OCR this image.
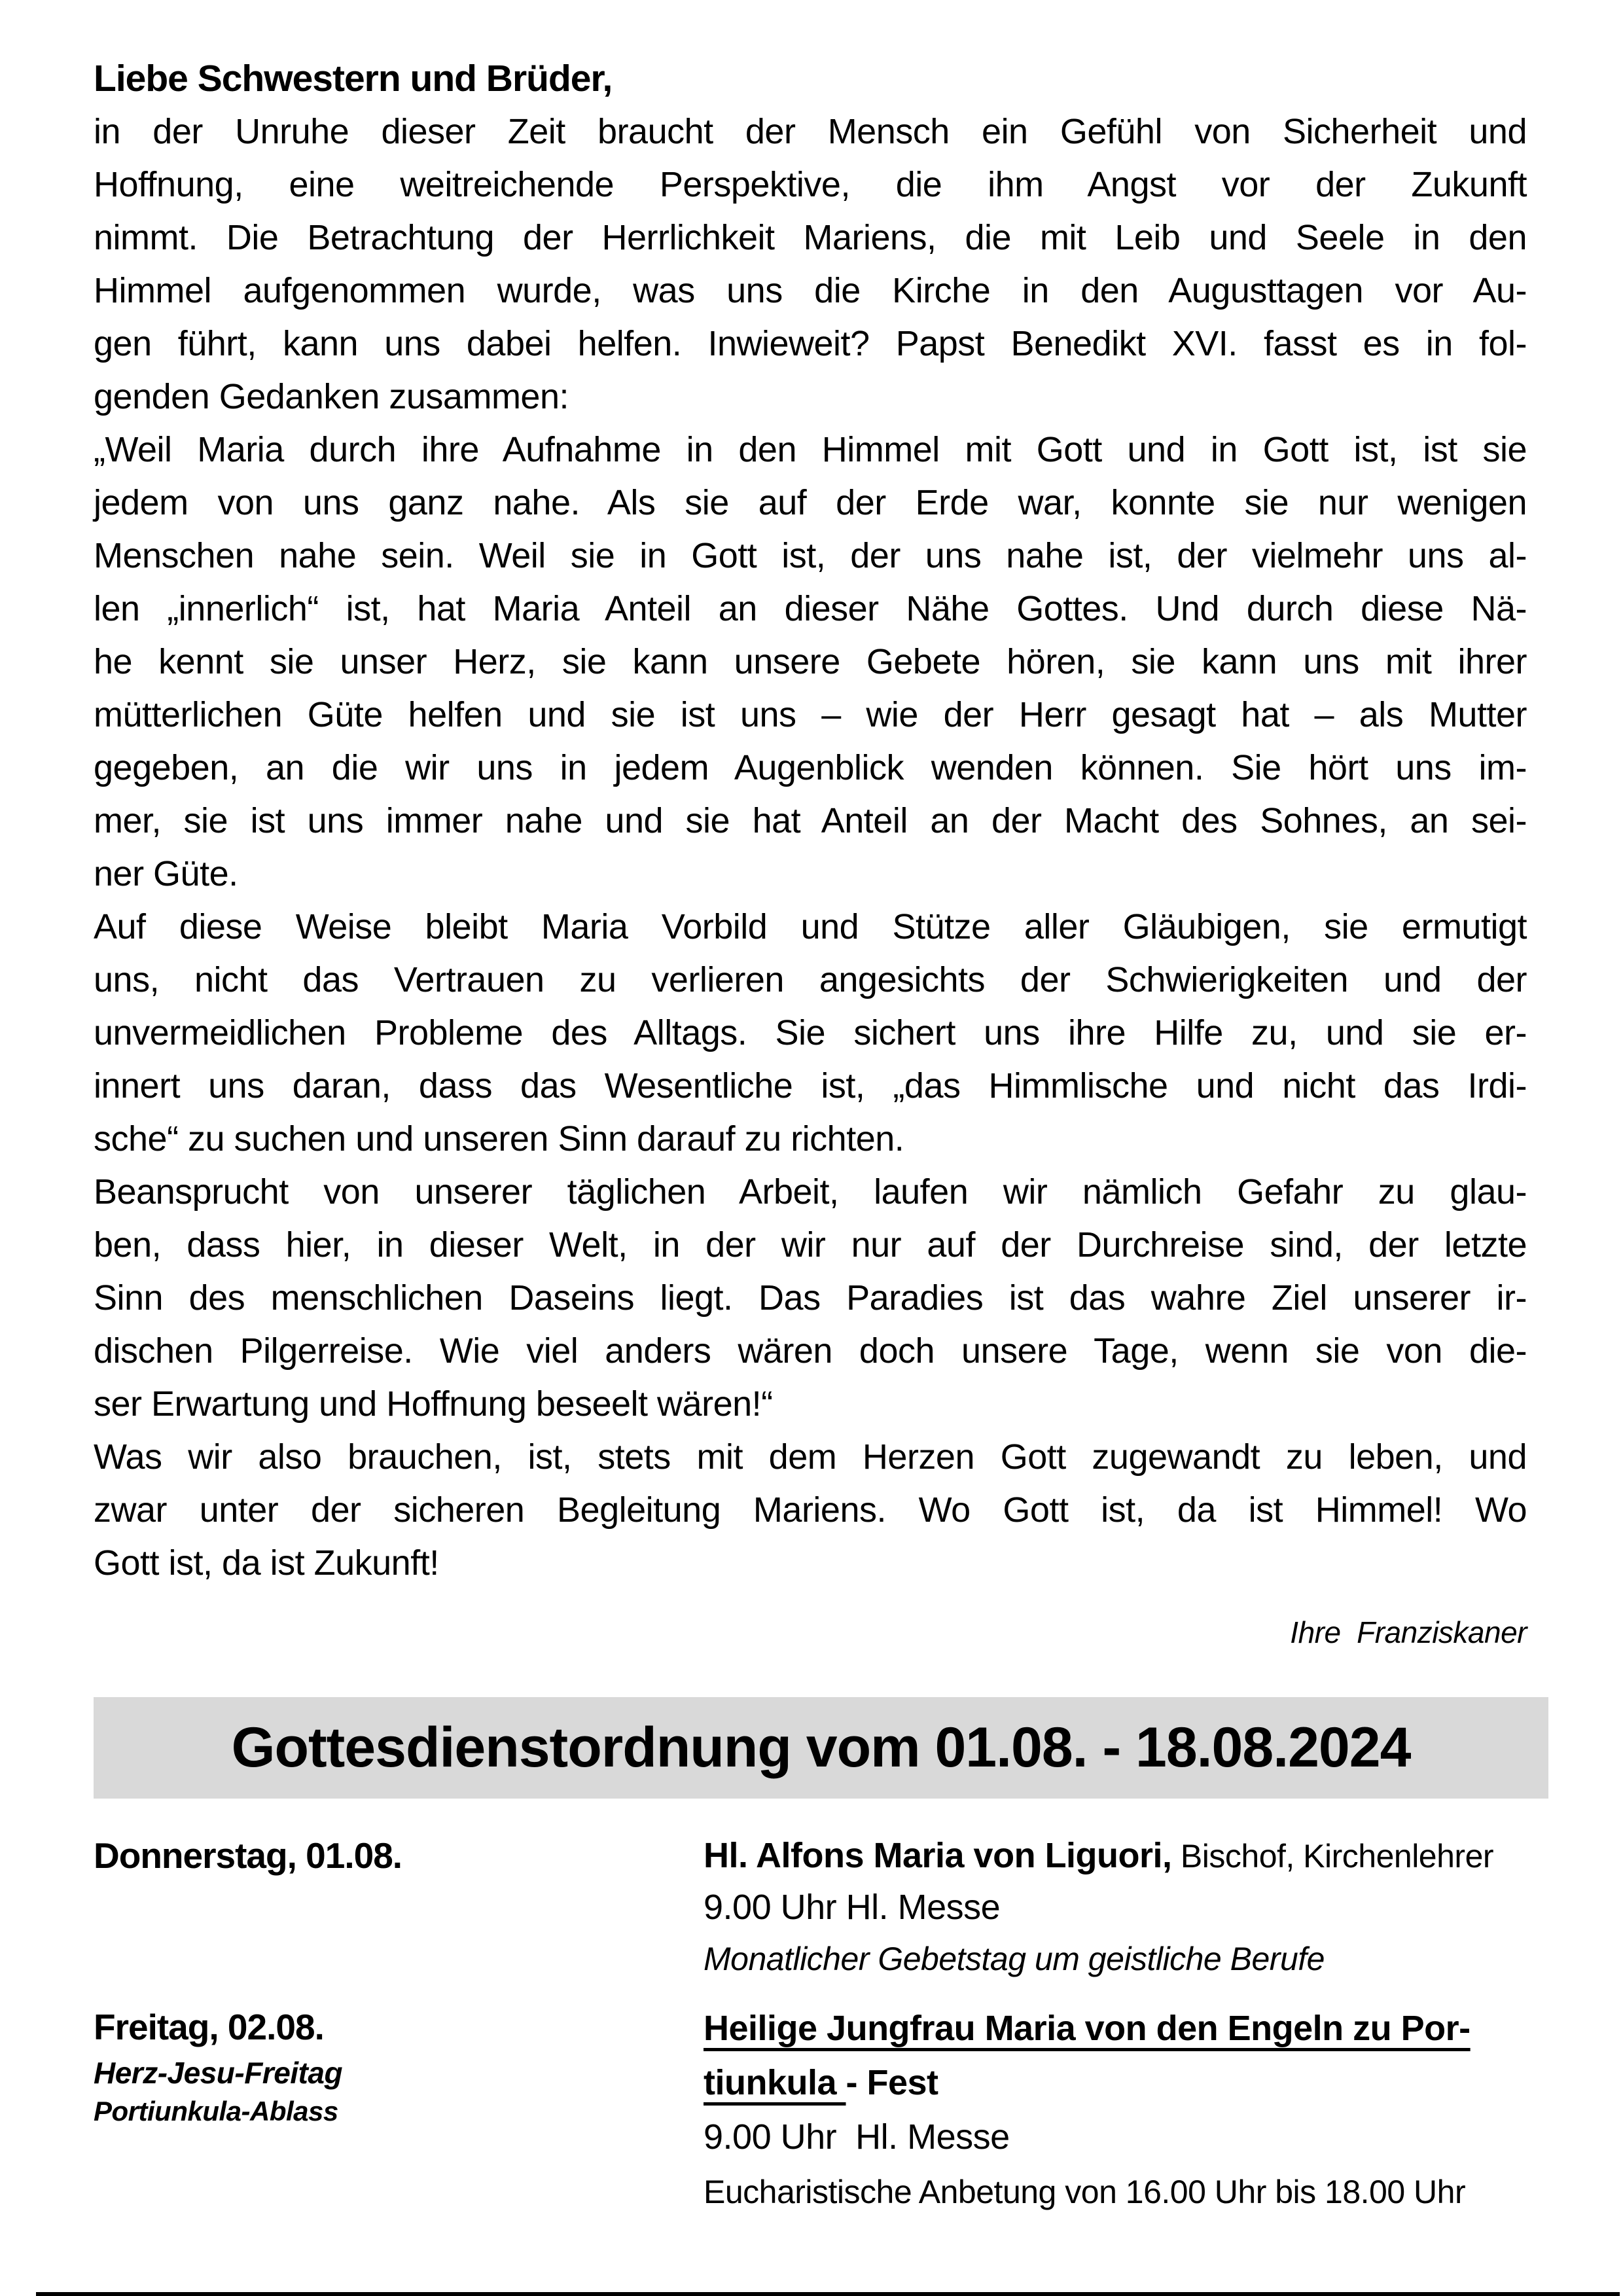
Liebe Schwestern und Brüder,
in der Unruhe dieser Zeit braucht der Mensch ein Gefühl von Sicherheit und
Hoffnung, eine weitreichende Perspektive, die ihm Angst vor der Zukunft
nimmt. Die Betrachtung der Herrlichkeit Mariens, die mit Leib und Seele in den
Himmel aufgenommen wurde, was uns die Kirche in den Augusttagen vor Au-
gen führt, kann uns dabei helfen. Inwieweit? Papst Benedikt XVI. fasst es in fol-
genden Gedanken zusammen:
„Weil Maria durch ihre Aufnahme in den Himmel mit Gott und in Gott ist, ist sie
jedem von uns ganz nahe. Als sie auf der Erde war, konnte sie nur wenigen
Menschen nahe sein. Weil sie in Gott ist, der uns nahe ist, der vielmehr uns al-
len „innerlich“ ist, hat Maria Anteil an dieser Nähe Gottes. Und durch diese Nä-
he kennt sie unser Herz, sie kann unsere Gebete hören, sie kann uns mit ihrer
mütterlichen Güte helfen und sie ist uns – wie der Herr gesagt hat – als Mutter
gegeben, an die wir uns in jedem Augenblick wenden können. Sie hört uns im-
mer, sie ist uns immer nahe und sie hat Anteil an der Macht des Sohnes, an sei-
ner Güte.
Auf diese Weise bleibt Maria Vorbild und Stütze aller Gläubigen, sie ermutigt
uns, nicht das Vertrauen zu verlieren angesichts der Schwierigkeiten und der
unvermeidlichen Probleme des Alltags. Sie sichert uns ihre Hilfe zu, und sie er-
innert uns daran, dass das Wesentliche ist, „das Himmlische und nicht das Irdi-
sche“ zu suchen und unseren Sinn darauf zu richten.
Beansprucht von unserer täglichen Arbeit, laufen wir nämlich Gefahr zu glau-
ben, dass hier, in dieser Welt, in der wir nur auf der Durchreise sind, der letzte
Sinn des menschlichen Daseins liegt. Das Paradies ist das wahre Ziel unserer ir-
dischen Pilgerreise. Wie viel anders wären doch unsere Tage, wenn sie von die-
ser Erwartung und Hoffnung beseelt wären!“
Was wir also brauchen, ist, stets mit dem Herzen Gott zugewandt zu leben, und
zwar unter der sicheren Begleitung Mariens. Wo Gott ist, da ist Himmel! Wo
Gott ist, da ist Zukunft!
Ihre  Franziskaner
Gottesdienstordnung vom 01.08. - 18.08.2024
Donnerstag, 01.08.	Hl. Alfons Maria von Liguori, Bischof, Kirchenlehrer
9.00 Uhr Hl. Messe
Monatlicher Gebetstag um geistliche Berufe
Freitag, 02.08.
Herz-Jesu-Freitag
Portiunkula-Ablass
Heilige Jungfrau Maria von den Engeln zu Por-
tiunkula - Fest
9.00 Uhr  Hl. Messe
Eucharistische Anbetung von 16.00 Uhr bis 18.00 Uhr
